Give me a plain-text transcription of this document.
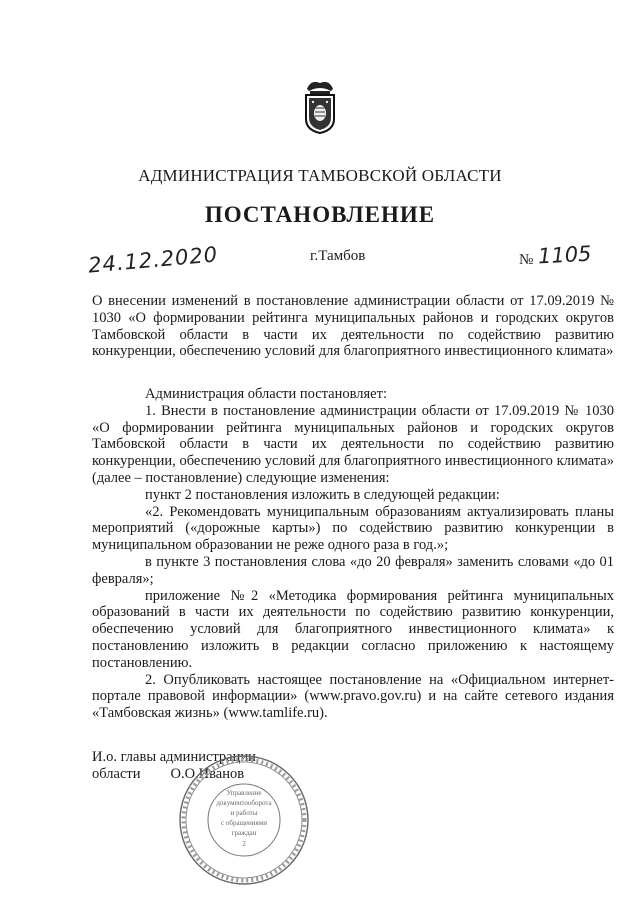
АДМИНИСТРАЦИЯ ТАМБОВСКОЙ ОБЛАСТИ
ПОСТАНОВЛЕНИЕ
24.12.2020	г.Тамбов	№ 1105
О внесении изменений в постановление администрации области от 17.09.2019 № 1030 «О формировании рейтинга муниципальных районов и городских округов Тамбовской области в части их деятельности по содействию развитию конкуренции, обеспечению условий для благоприятного инвестиционного климата»

Администрация области постановляет:

1. Внести в постановление администрации области от 17.09.2019 № 1030 «О формировании рейтинга муниципальных районов и городских округов Тамбовской области в части их деятельности по содействию развитию конкуренции, обеспечению условий для благоприятного инвестиционного климата» (далее – постановление) следующие изменения:

пункт 2 постановления изложить в следующей редакции:

«2. Рекомендовать муниципальным образованиям актуализировать планы мероприятий («дорожные карты») по содействию развитию конкуренции в муниципальном образовании не реже одного раза в год.»;

в пункте 3 постановления слова «до 20 февраля» заменить словами «до 01 февраля»;

приложение №2 «Методика формирования рейтинга муниципальных образований в части их деятельности по содействию развитию конкуренции, обеспечению условий для благоприятного инвестиционного климата» к постановлению изложить в редакции согласно приложению к настоящему постановлению.

2. Опубликовать настоящее постановление на «Официальном интернет-портале правовой информации» (www.pravo.gov.ru) и на сайте сетевого издания «Тамбовская жизнь» (www.tamlife.ru).

И.о. главы администрации
области О.О.Иванов
Управление
документооборота
и работы
с обращениями
граждан
2
